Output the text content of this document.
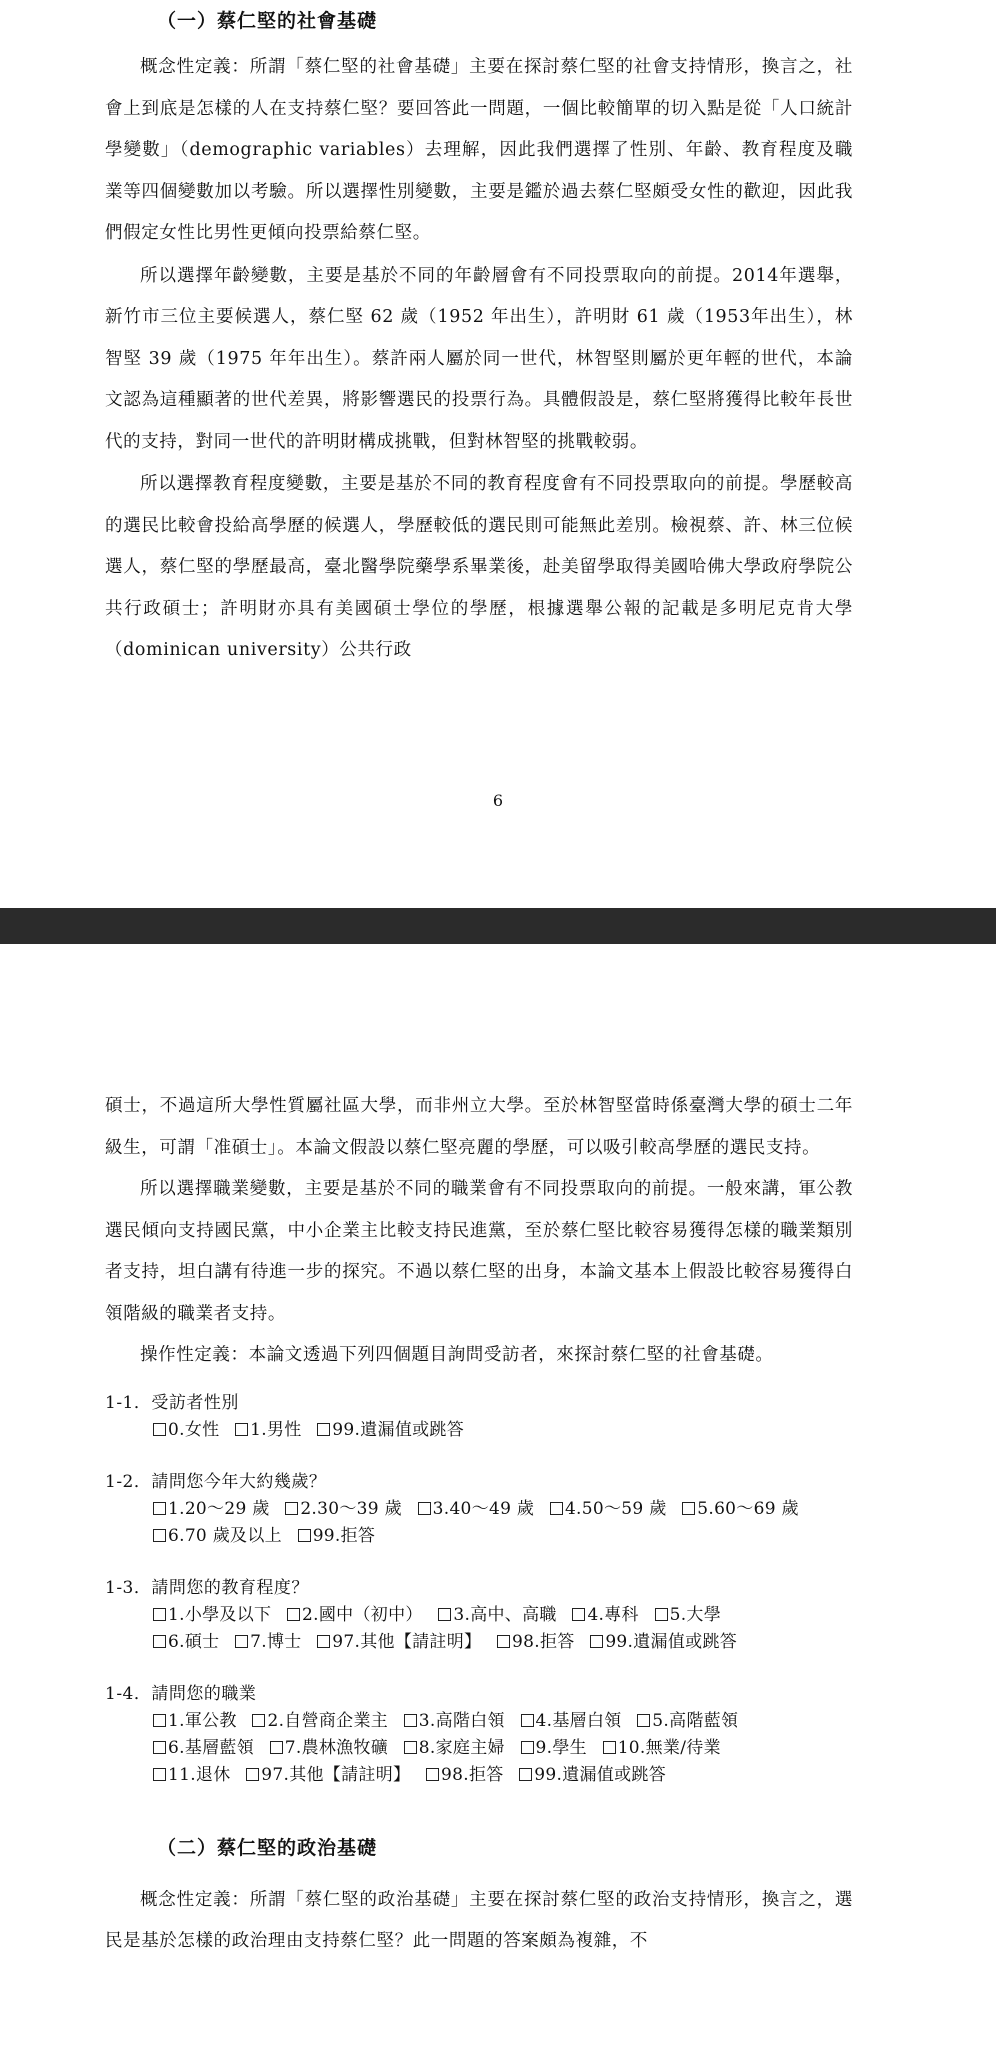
（一）蔡仁堅的社會基礎

概念性定義：所謂「蔡仁堅的社會基礎」主要在探討蔡仁堅的社會支持情形，換言之，社會上到底是怎樣的人在支持蔡仁堅？要回答此一問題，一個比較簡單的切入點是從「人口統計學變數」（demographic variables）去理解，因此我們選擇了性別、年齡、教育程度及職業等四個變數加以考驗。所以選擇性別變數，主要是鑑於過去蔡仁堅頗受女性的歡迎，因此我們假定女性比男性更傾向投票給蔡仁堅。

所以選擇年齡變數，主要是基於不同的年齡層會有不同投票取向的前提。2014年選舉，新竹市三位主要候選人，蔡仁堅 62 歲（1952 年出生），許明財 61 歲（1953年出生），林智堅 39 歲（1975 年年出生）。蔡許兩人屬於同一世代，林智堅則屬於更年輕的世代，本論文認為這種顯著的世代差異，將影響選民的投票行為。具體假設是，蔡仁堅將獲得比較年長世代的支持，對同一世代的許明財構成挑戰，但對林智堅的挑戰較弱。

所以選擇教育程度變數，主要是基於不同的教育程度會有不同投票取向的前提。學歷較高的選民比較會投給高學歷的候選人，學歷較低的選民則可能無此差別。檢視蔡、許、林三位候選人，蔡仁堅的學歷最高，臺北醫學院藥學系畢業後，赴美留學取得美國哈佛大學政府學院公共行政碩士；許明財亦具有美國碩士學位的學歷，根據選舉公報的記載是多明尼克肯大學（dominican university）公共行政

6

碩士，不過這所大學性質屬社區大學，而非州立大學。至於林智堅當時係臺灣大學的碩士二年級生，可謂「准碩士」。本論文假設以蔡仁堅亮麗的學歷，可以吸引較高學歷的選民支持。

所以選擇職業變數，主要是基於不同的職業會有不同投票取向的前提。一般來講，軍公教選民傾向支持國民黨，中小企業主比較支持民進黨，至於蔡仁堅比較容易獲得怎樣的職業類別者支持，坦白講有待進一步的探究。不過以蔡仁堅的出身，本論文基本上假設比較容易獲得白領階級的職業者支持。

操作性定義：本論文透過下列四個題目詢問受訪者，來探討蔡仁堅的社會基礎。

1-1．受訪者性別
0.女性 1.男性 99.遺漏值或跳答
1-2．請問您今年大約幾歲？
1.20～29 歲 2.30～39 歲 3.40～49 歲 4.50～59 歲 5.60～69 歲
6.70 歲及以上 99.拒答
1-3．請問您的教育程度？
1.小學及以下 2.國中（初中） 3.高中、高職 4.專科 5.大學
6.碩士 7.博士 97.其他【請註明】 98.拒答 99.遺漏值或跳答
1-4．請問您的職業
1.軍公教 2.自營商企業主 3.高階白領 4.基層白領 5.高階藍領
6.基層藍領 7.農林漁牧礦 8.家庭主婦 9.學生 10.無業/待業
11.退休 97.其他【請註明】 98.拒答 99.遺漏值或跳答
（二）蔡仁堅的政治基礎

概念性定義：所謂「蔡仁堅的政治基礎」主要在探討蔡仁堅的政治支持情形，換言之，選民是基於怎樣的政治理由支持蔡仁堅？此一問題的答案頗為複雜，不
